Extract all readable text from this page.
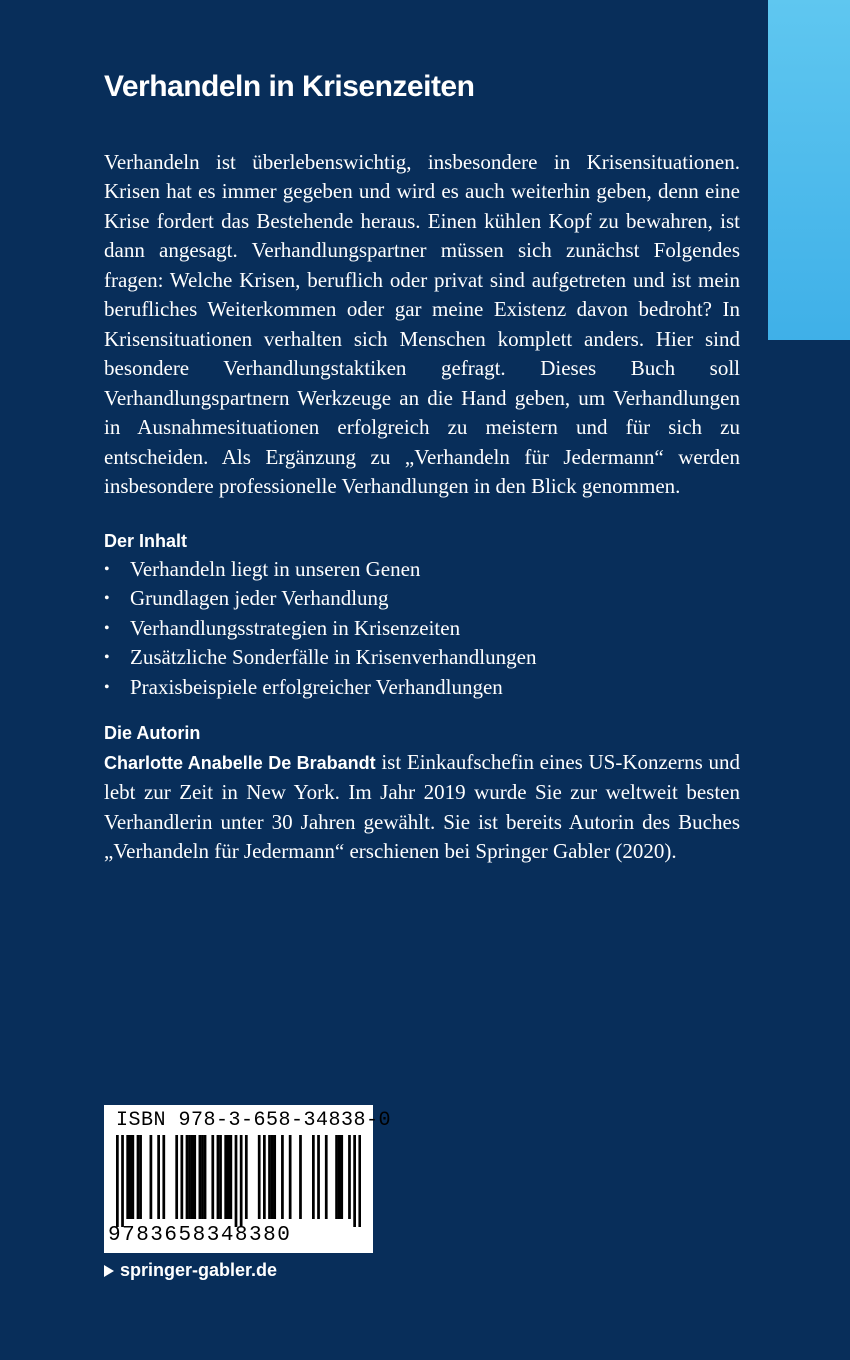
Verhandeln in Krisenzeiten

Verhandeln ist überlebenswichtig, insbesondere in Krisensituationen. Krisen hat es immer gegeben und wird es auch weiterhin geben, denn eine Krise fordert das Bestehende heraus. Einen kühlen Kopf zu bewahren, ist dann angesagt. Verhandlungspartner müssen sich zunächst Folgendes fragen: Welche Krisen, beruflich oder privat sind aufgetreten und ist mein berufliches Weiterkommen oder gar meine Existenz davon bedroht? In Krisensituationen verhalten sich Menschen komplett anders. Hier sind besondere Verhandlungstaktiken gefragt. Dieses Buch soll Verhandlungspartnern Werkzeuge an die Hand geben, um Verhandlungen in Ausnahmesituationen erfolgreich zu meistern und für sich zu entscheiden. Als Ergänzung zu „Verhandeln für Jedermann“ werden insbesondere professionelle Verhandlungen in den Blick genommen.

Der Inhalt
• Verhandeln liegt in unseren Genen
• Grundlagen jeder Verhandlung
• Verhandlungsstrategien in Krisenzeiten
• Zusätzliche Sonderfälle in Krisenverhandlungen
• Praxisbeispiele erfolgreicher Verhandlungen
Die Autorin

Charlotte Anabelle De Brabandt ist Einkaufschefin eines US-Konzerns und lebt zur Zeit in New York. Im Jahr 2019 wurde Sie zur weltweit besten Verhandlerin unter 30 Jahren gewählt. Sie ist bereits Autorin des Buches „Verhandeln für Jedermann“ erschienen bei Springer Gabler (2020).

ISBN 978-3-658-34838-0
9783658348380
springer-gabler.de
